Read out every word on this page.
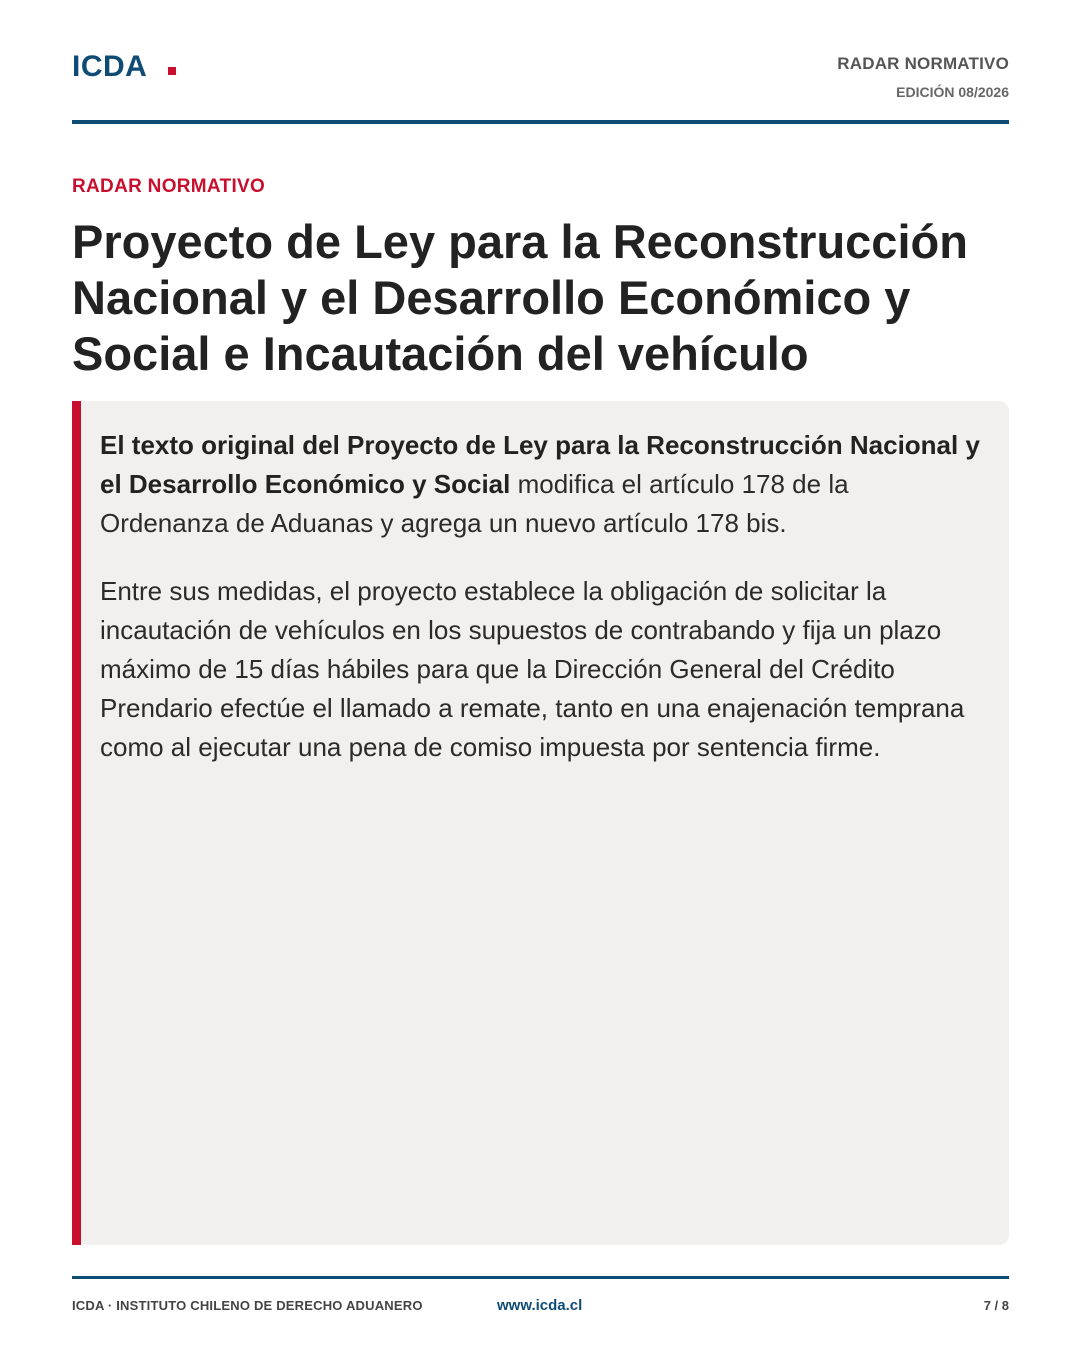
ICDA	RADAR NORMATIVO
EDICIÓN 08/2026
RADAR NORMATIVO
Proyecto de Ley para la Reconstrucción Nacional y el Desarrollo Económico y Social e Incautación del vehículo

El texto original del Proyecto de Ley para la Reconstrucción Nacional y el Desarrollo Económico y Social modifica el artículo 178 de la Ordenanza de Aduanas y agrega un nuevo artículo 178 bis.

Entre sus medidas, el proyecto establece la obligación de solicitar la incautación de vehículos en los supuestos de contrabando y fija un plazo máximo de 15 días hábiles para que la Dirección General del Crédito Prendario efectúe el llamado a remate, tanto en una enajenación temprana como al ejecutar una pena de comiso impuesta por sentencia firme.

ICDA · INSTITUTO CHILENO DE DERECHO ADUANERO	www.icda.cl	7 / 8
